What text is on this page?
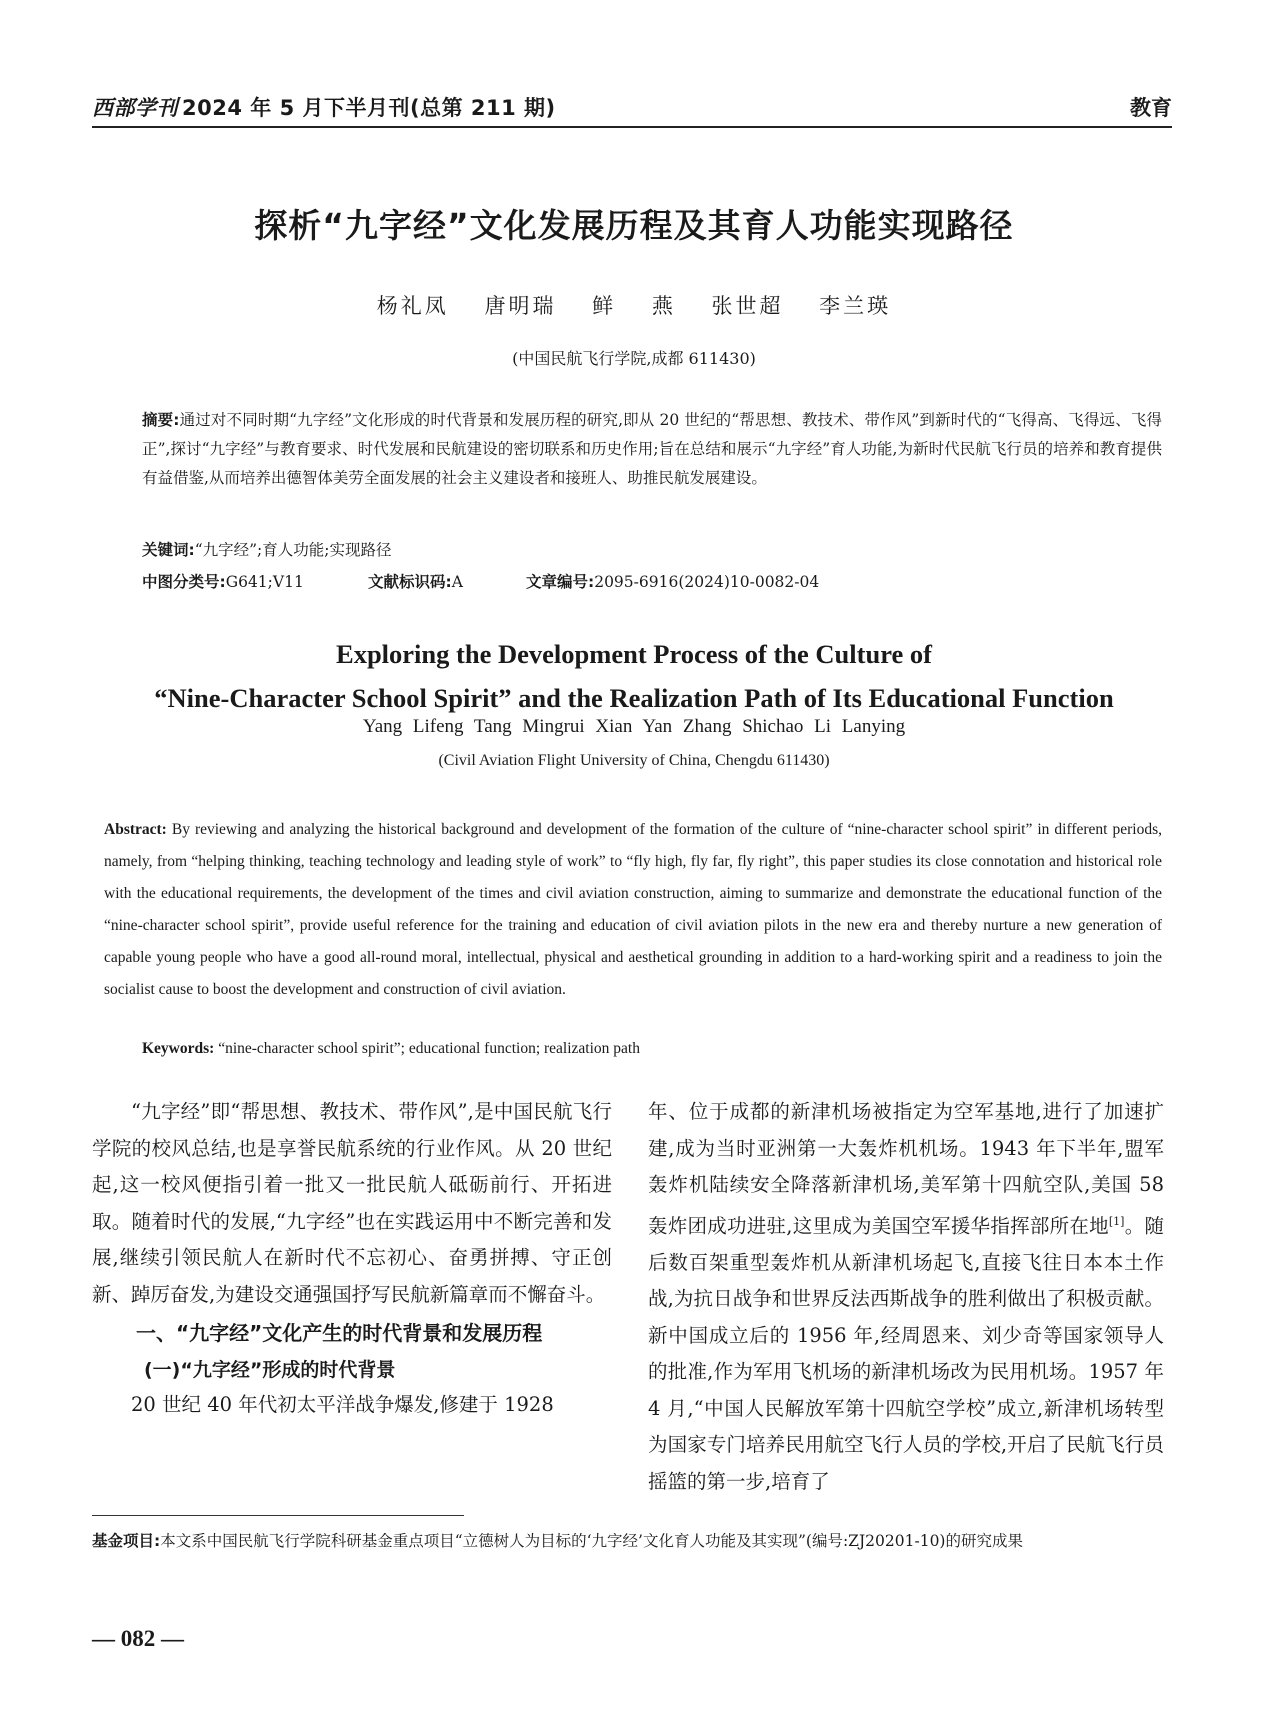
西部学刊 2024 年 5 月下半月刊(总第 211 期)	教育
探析“九字经”文化发展历程及其育人功能实现路径
杨礼凤 唐明瑞 鲜 燕 张世超 李兰瑛
(中国民航飞行学院,成都 611430)
摘要:通过对不同时期“九字经”文化形成的时代背景和发展历程的研究,即从 20 世纪的“帮思想、教技术、带作风”到新时代的“飞得高、飞得远、飞得正”,探讨“九字经”与教育要求、时代发展和民航建设的密切联系和历史作用;旨在总结和展示“九字经”育人功能,为新时代民航飞行员的培养和教育提供有益借鉴,从而培养出德智体美劳全面发展的社会主义建设者和接班人、助推民航发展建设。
关键词:“九字经”;育人功能;实现路径
中图分类号:G641;V11	文献标识码:A	文章编号:2095-6916(2024)10-0082-04
Exploring the Development Process of the Culture of
“Nine-Character School Spirit” and the Realization Path of Its Educational Function
Yang Lifeng Tang Mingrui Xian Yan Zhang Shichao Li Lanying
(Civil Aviation Flight University of China, Chengdu 611430)
Abstract: By reviewing and analyzing the historical background and development of the formation of the culture of “nine-character school spirit” in different periods, namely, from “helping thinking, teaching technology and leading style of work” to “fly high, fly far, fly right”, this paper studies its close connotation and historical role with the educational requirements, the development of the times and civil aviation construction, aiming to summarize and demonstrate the educational function of the “nine-character school spirit”, provide useful reference for the training and education of civil aviation pilots in the new era and thereby nurture a new generation of capable young people who have a good all-round moral, intellectual, physical and aesthetical grounding in addition to a hard-working spirit and a readiness to join the socialist cause to boost the development and construction of civil aviation.
Keywords: “nine-character school spirit”; educational function; realization path

“九字经”即“帮思想、教技术、带作风”,是中国民航飞行学院的校风总结,也是享誉民航系统的行业作风。从 20 世纪起,这一校风便指引着一批又一批民航人砥砺前行、开拓进取。随着时代的发展,“九字经”也在实践运用中不断完善和发展,继续引领民航人在新时代不忘初心、奋勇拼搏、守正创新、踔厉奋发,为建设交通强国抒写民航新篇章而不懈奋斗。

一、“九字经”文化产生的时代背景和发展历程

(一)“九字经”形成的时代背景

20 世纪 40 年代初太平洋战争爆发,修建于 1928

年、位于成都的新津机场被指定为空军基地,进行了加速扩建,成为当时亚洲第一大轰炸机机场。1943 年下半年,盟军轰炸机陆续安全降落新津机场,美军第十四航空队,美国 58 轰炸团成功进驻,这里成为美国空军援华指挥部所在地[1]。随后数百架重型轰炸机从新津机场起飞,直接飞往日本本土作战,为抗日战争和世界反法西斯战争的胜利做出了积极贡献。新中国成立后的 1956 年,经周恩来、刘少奇等国家领导人的批准,作为军用飞机场的新津机场改为民用机场。1957 年 4 月,“中国人民解放军第十四航空学校”成立,新津机场转型为国家专门培养民用航空飞行人员的学校,开启了民航飞行员摇篮的第一步,培育了

基金项目:本文系中国民航飞行学院科研基金重点项目“立德树人为目标的‘九字经’文化育人功能及其实现”(编号:ZJ20201-10)的研究成果
— 082 —
